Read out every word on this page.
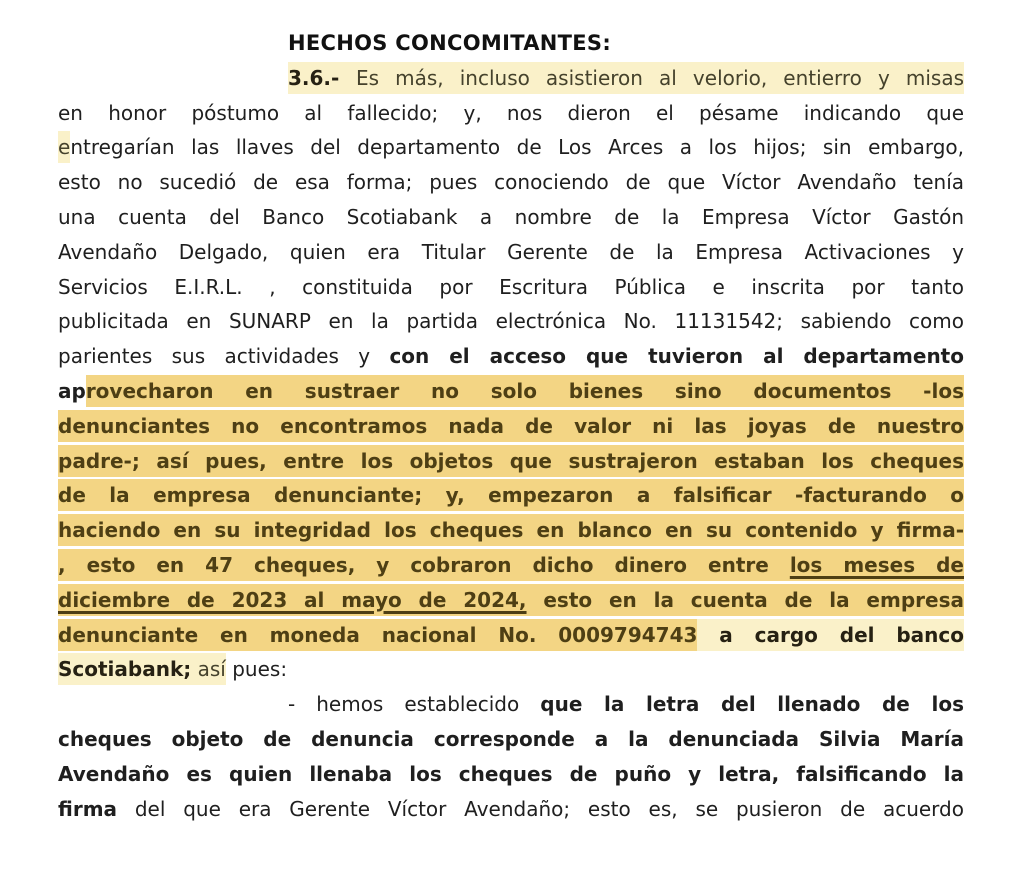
HECHOS CONCOMITANTES:
3.6.- Es más, incluso asistieron al velorio, entierro y misas
en honor póstumo al fallecido; y, nos dieron el pésame indicando que
entregarían las llaves del departamento de Los Arces a los hijos; sin embargo,
esto no sucedió de esa forma; pues conociendo de que Víctor Avendaño tenía
una cuenta del Banco Scotiabank a nombre de la Empresa Víctor Gastón
Avendaño Delgado, quien era Titular Gerente de la Empresa Activaciones y
Servicios E.I.R.L. , constituida por Escritura Pública e inscrita por tanto
publicitada en SUNARP en la partida electrónica No. 11131542; sabiendo como
parientes sus actividades y con el acceso que tuvieron al departamento
aprovecharon en sustraer no solo bienes sino documentos -los
denunciantes no encontramos nada de valor ni las joyas de nuestro
padre-; así pues, entre los objetos que sustrajeron estaban los cheques
de la empresa denunciante; y, empezaron a falsificar -facturando o
haciendo en su integridad los cheques en blanco en su contenido y firma-
, esto en 47 cheques, y cobraron dicho dinero entre los meses de
diciembre de 2023 al mayo de 2024, esto en la cuenta de la empresa
denunciante en moneda nacional No. 0009794743 a cargo del banco
Scotiabank; así pues:
- hemos establecido que la letra del llenado de los
cheques objeto de denuncia corresponde a la denunciada Silvia María
Avendaño es quien llenaba los cheques de puño y letra, falsificando la
firma del que era Gerente Víctor Avendaño; esto es, se pusieron de acuerdo
